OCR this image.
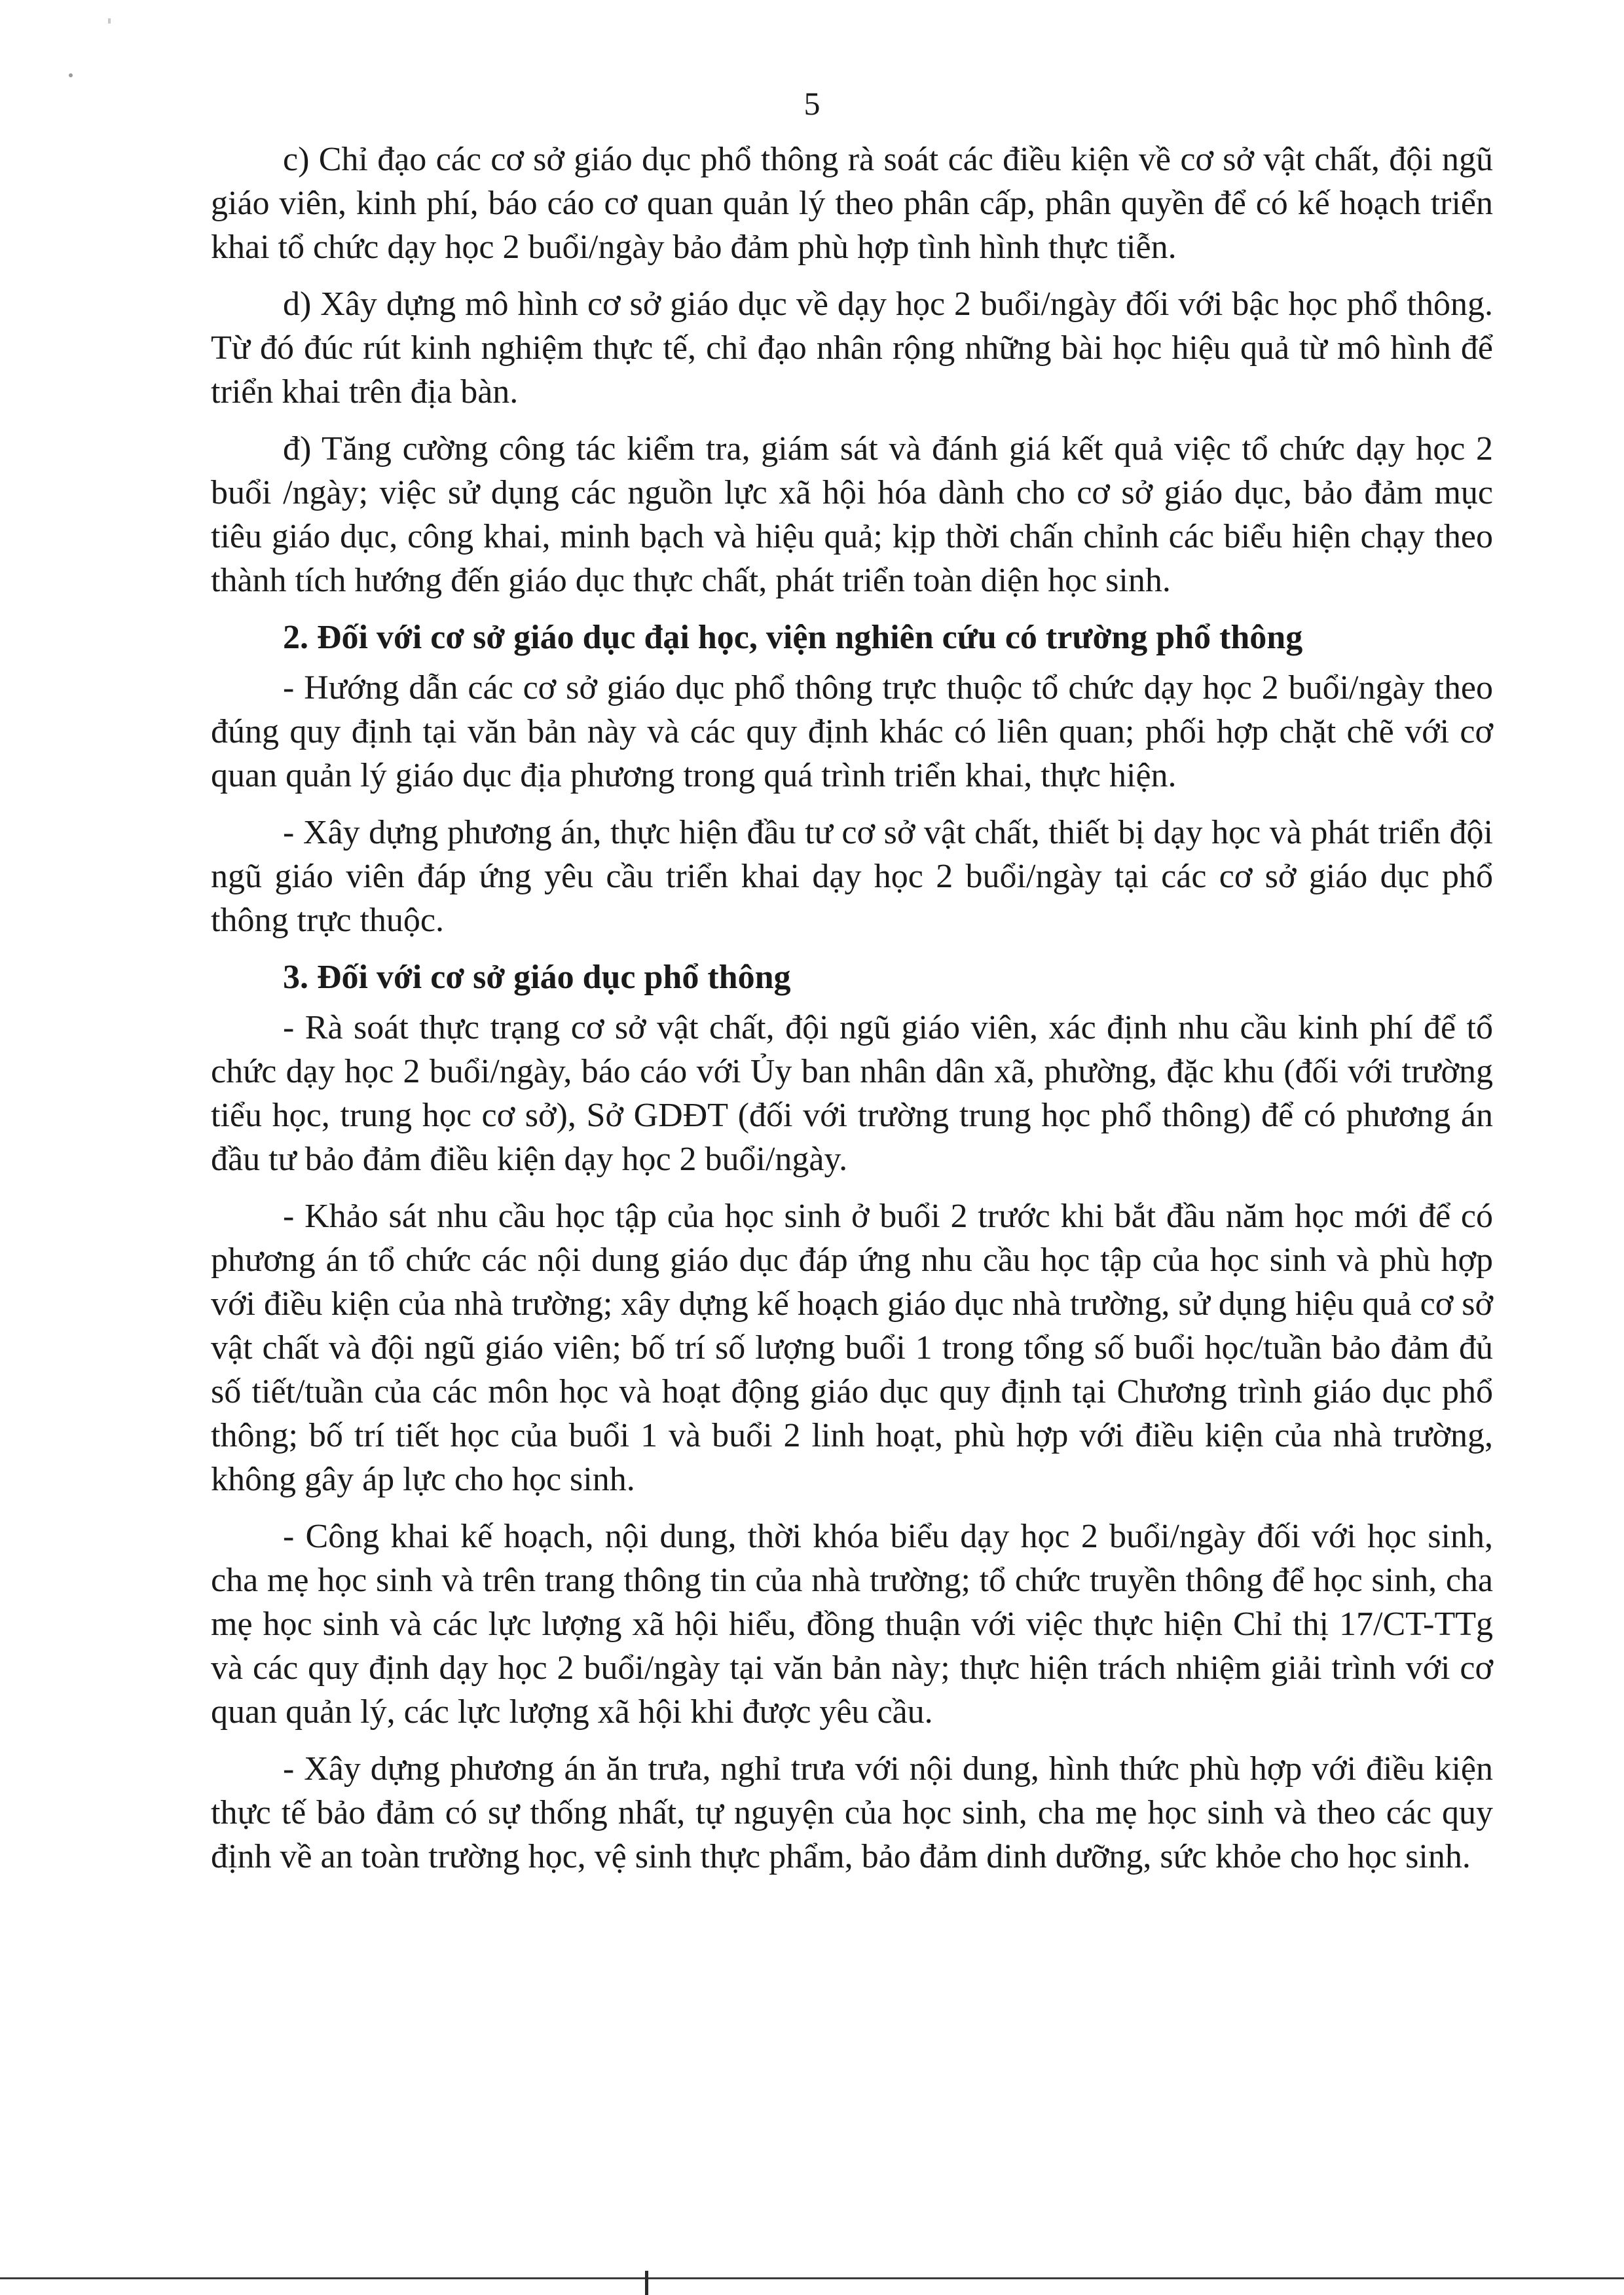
5

c) Chỉ đạo các cơ sở giáo dục phổ thông rà soát các điều kiện về cơ sở vật chất, đội ngũ giáo viên, kinh phí, báo cáo cơ quan quản lý theo phân cấp, phân quyền để có kế hoạch triển khai tổ chức dạy học 2 buổi/ngày bảo đảm phù hợp tình hình thực tiễn.

d) Xây dựng mô hình cơ sở giáo dục về dạy học 2 buổi/ngày đối với bậc học phổ thông. Từ đó đúc rút kinh nghiệm thực tế, chỉ đạo nhân rộng những bài học hiệu quả từ mô hình để triển khai trên địa bàn.

đ) Tăng cường công tác kiểm tra, giám sát và đánh giá kết quả việc tổ chức dạy học 2 buổi /ngày; việc sử dụng các nguồn lực xã hội hóa dành cho cơ sở giáo dục, bảo đảm mục tiêu giáo dục, công khai, minh bạch và hiệu quả; kịp thời chấn chỉnh các biểu hiện chạy theo thành tích hướng đến giáo dục thực chất, phát triển toàn diện học sinh.

2. Đối với cơ sở giáo dục đại học, viện nghiên cứu có trường phổ thông

- Hướng dẫn các cơ sở giáo dục phổ thông trực thuộc tổ chức dạy học 2 buổi/ngày theo đúng quy định tại văn bản này và các quy định khác có liên quan; phối hợp chặt chẽ với cơ quan quản lý giáo dục địa phương trong quá trình triển khai, thực hiện.

- Xây dựng phương án, thực hiện đầu tư cơ sở vật chất, thiết bị dạy học và phát triển đội ngũ giáo viên đáp ứng yêu cầu triển khai dạy học 2 buổi/ngày tại các cơ sở giáo dục phổ thông trực thuộc.

3. Đối với cơ sở giáo dục phổ thông

- Rà soát thực trạng cơ sở vật chất, đội ngũ giáo viên, xác định nhu cầu kinh phí để tổ chức dạy học 2 buổi/ngày, báo cáo với Ủy ban nhân dân xã, phường, đặc khu (đối với trường tiểu học, trung học cơ sở), Sở GDĐT (đối với trường trung học phổ thông) để có phương án đầu tư bảo đảm điều kiện dạy học 2 buổi/ngày.

- Khảo sát nhu cầu học tập của học sinh ở buổi 2 trước khi bắt đầu năm học mới để có phương án tổ chức các nội dung giáo dục đáp ứng nhu cầu học tập của học sinh và phù hợp với điều kiện của nhà trường; xây dựng kế hoạch giáo dục nhà trường, sử dụng hiệu quả cơ sở vật chất và đội ngũ giáo viên; bố trí số lượng buổi 1 trong tổng số buổi học/tuần bảo đảm đủ số tiết/tuần của các môn học và hoạt động giáo dục quy định tại Chương trình giáo dục phổ thông; bố trí tiết học của buổi 1 và buổi 2 linh hoạt, phù hợp với điều kiện của nhà trường, không gây áp lực cho học sinh.

- Công khai kế hoạch, nội dung, thời khóa biểu dạy học 2 buổi/ngày đối với học sinh, cha mẹ học sinh và trên trang thông tin của nhà trường; tổ chức truyền thông để học sinh, cha mẹ học sinh và các lực lượng xã hội hiểu, đồng thuận với việc thực hiện Chỉ thị 17/CT-TTg và các quy định dạy học 2 buổi/ngày tại văn bản này; thực hiện trách nhiệm giải trình với cơ quan quản lý, các lực lượng xã hội khi được yêu cầu.

- Xây dựng phương án ăn trưa, nghỉ trưa với nội dung, hình thức phù hợp với điều kiện thực tế bảo đảm có sự thống nhất, tự nguyện của học sinh, cha mẹ học sinh và theo các quy định về an toàn trường học, vệ sinh thực phẩm, bảo đảm dinh dưỡng, sức khỏe cho học sinh.
